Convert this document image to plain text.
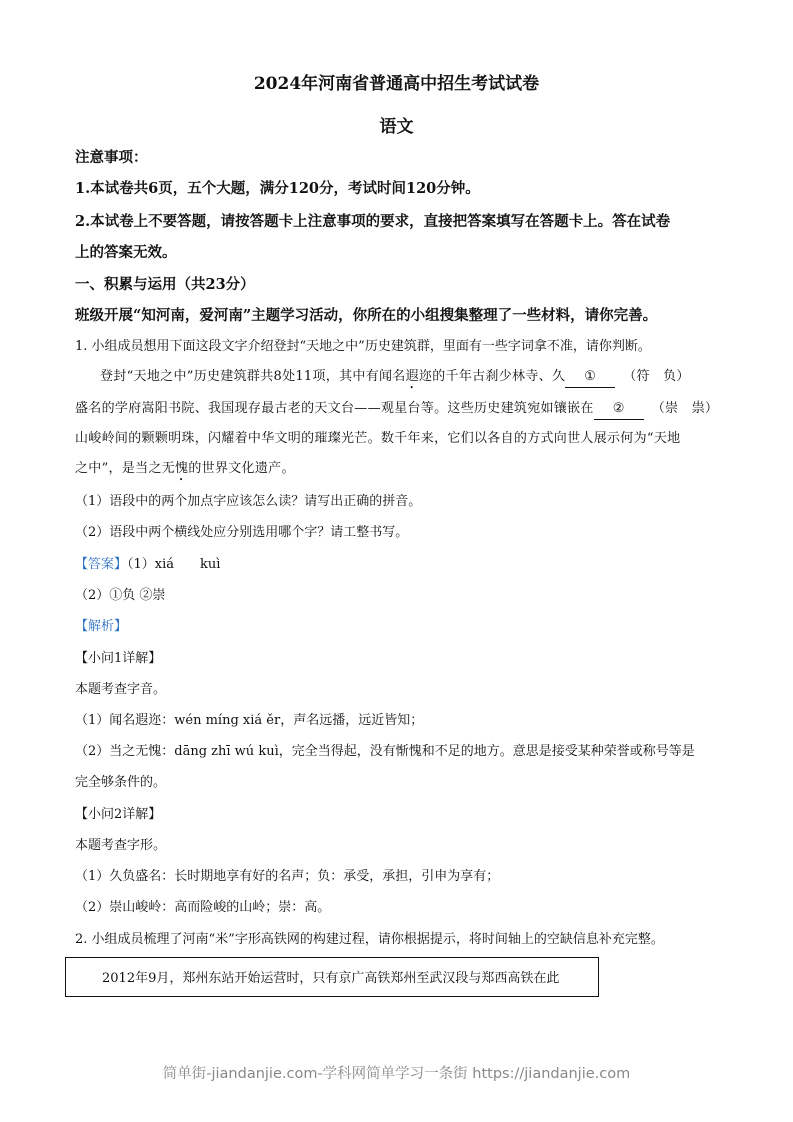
2024年河南省普通高中招生考试试卷
语文
注意事项：
1.本试卷共6页，五个大题，满分120分，考试时间120分钟。
2.本试卷上不要答题，请按答题卡上注意事项的要求，直接把答案填写在答题卡上。答在试卷
上的答案无效。
一、积累与运用（共23分）
班级开展“知河南，爱河南”主题学习活动，你所在的小组搜集整理了一些材料，请你完善。
1. 小组成员想用下面这段文字介绍登封“天地之中”历史建筑群，里面有一些字词拿不准，请你判断。
登封“天地之中”历史建筑群共8处11项，其中有闻名遐迩的千年古刹少林寺、久 ① （符　负）
盛名的学府嵩阳书院、我国现存最古老的天文台——观星台等。这些历史建筑宛如镶嵌在 ② （崇　祟）
山峻岭间的颗颗明珠，闪耀着中华文明的璀璨光芒。数千年来，它们以各自的方式向世人展示何为“天地
之中”，是当之无愧的世界文化遗产。
（1）语段中的两个加点字应该怎么读？请写出正确的拼音。
（2）语段中两个横线处应分别选用哪个字？请工整书写。
【答案】（1）xiá　　kuì
（2）①负 ②崇
【解析】
【小问1详解】
本题考查字音。
（1）闻名遐迩：wén míng xiá ěr，声名远播，远近皆知；
（2）当之无愧：dāng zhī wú kuì，完全当得起，没有惭愧和不足的地方。意思是接受某种荣誉或称号等是
完全够条件的。
【小问2详解】
本题考查字形。
（1）久负盛名：长时期地享有好的名声；负：承受，承担，引申为享有；
（2）崇山峻岭：高而险峻的山岭；崇：高。
2. 小组成员梳理了河南“米”字形高铁网的构建过程，请你根据提示，将时间轴上的空缺信息补充完整。
2012年9月，郑州东站开始运营时，只有京广高铁郑州至武汉段与郑西高铁在此
简单街-jiandanjie.com-学科网简单学习一条街 https://jiandanjie.com
